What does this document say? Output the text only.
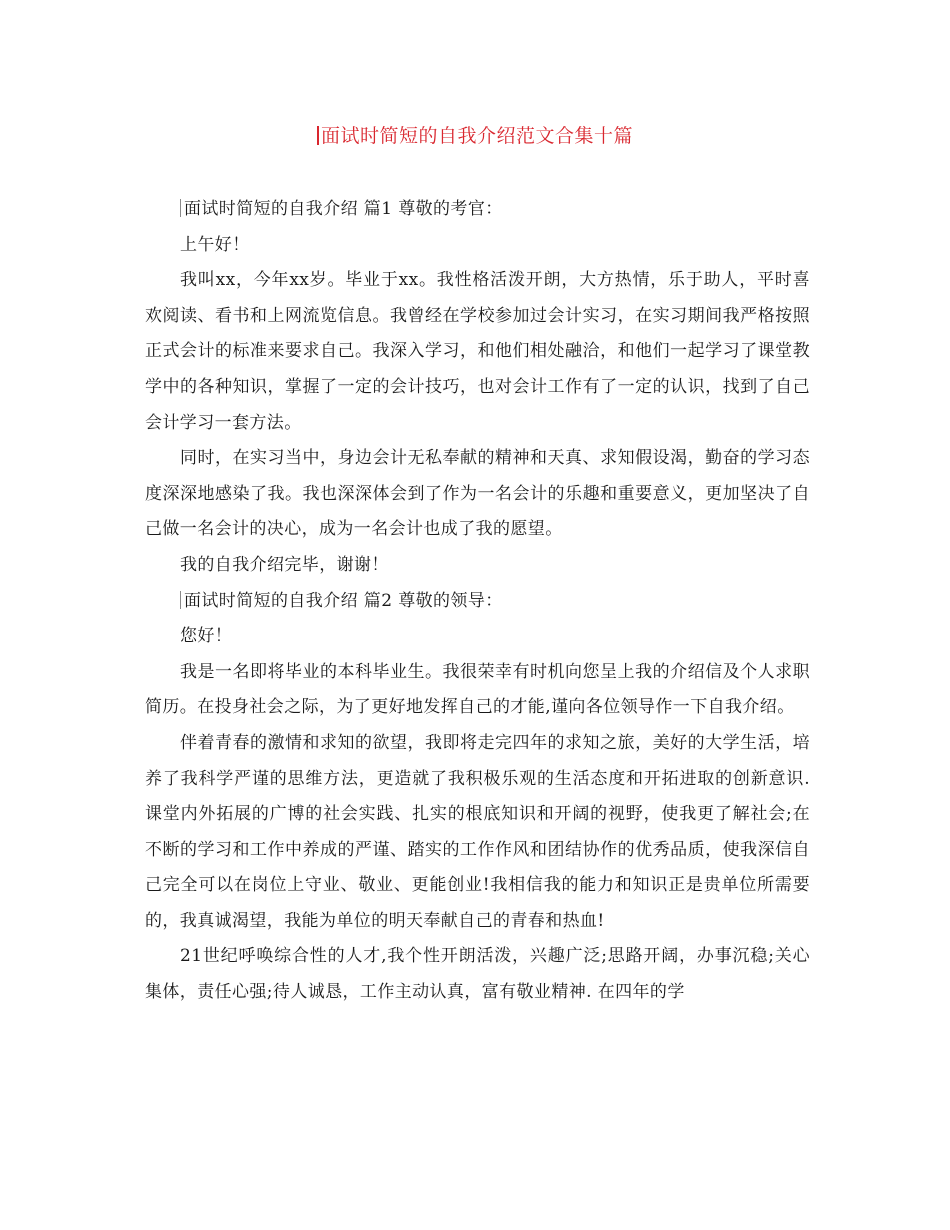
面试时简短的自我介绍范文合集十篇

面试时简短的自我介绍 篇1 尊敬的考官：

上午好！

我叫xx，今年xx岁。毕业于xx。我性格活泼开朗，大方热情，乐于助人，平时喜欢阅读、看书和上网流览信息。我曾经在学校参加过会计实习，在实习期间我严格按照正式会计的标准来要求自己。我深入学习，和他们相处融洽，和他们一起学习了课堂教学中的各种知识，掌握了一定的会计技巧，也对会计工作有了一定的认识，找到了自己会计学习一套方法。

同时，在实习当中，身边会计无私奉献的精神和天真、求知假设渴，勤奋的学习态度深深地感染了我。我也深深体会到了作为一名会计的乐趣和重要意义，更加坚决了自己做一名会计的决心，成为一名会计也成了我的愿望。

我的自我介绍完毕，谢谢！

面试时简短的自我介绍 篇2 尊敬的领导：

您好！

我是一名即将毕业的本科毕业生。我很荣幸有时机向您呈上我的介绍信及个人求职简历。在投身社会之际，为了更好地发挥自己的才能,谨向各位领导作一下自我介绍。

伴着青春的激情和求知的欲望，我即将走完四年的求知之旅，美好的大学生活，培养了我科学严谨的思维方法，更造就了我积极乐观的生活态度和开拓进取的创新意识.课堂内外拓展的广博的社会实践、扎实的根底知识和开阔的视野，使我更了解社会;在不断的学习和工作中养成的严谨、踏实的工作作风和团结协作的优秀品质，使我深信自己完全可以在岗位上守业、敬业、更能创业!我相信我的能力和知识正是贵单位所需要的，我真诚渴望，我能为单位的明天奉献自己的青春和热血!

21世纪呼唤综合性的人才,我个性开朗活泼，兴趣广泛;思路开阔，办事沉稳;关心集体，责任心强;待人诚恳，工作主动认真，富有敬业精神. 在四年的学
